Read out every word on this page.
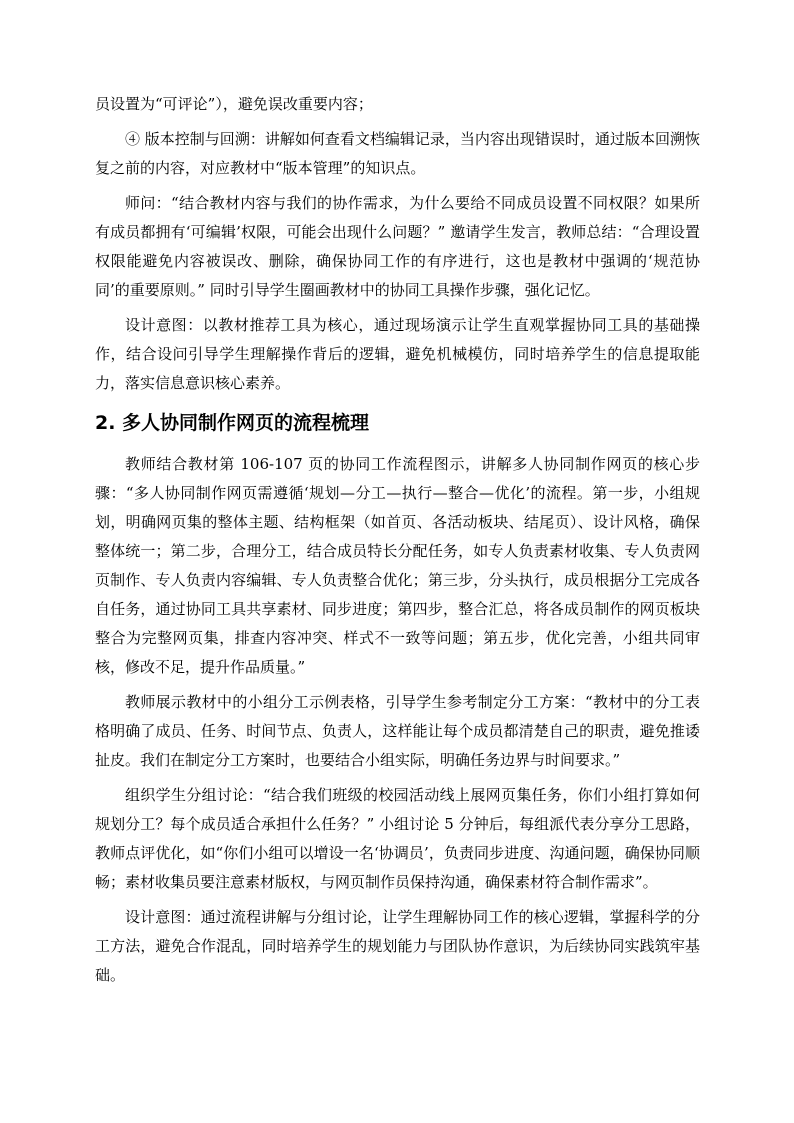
员设置为“可评论”），避免误改重要内容；

④ 版本控制与回溯：讲解如何查看文档编辑记录，当内容出现错误时，通过版本回溯恢复之前的内容，对应教材中“版本管理”的知识点。

师问：“结合教材内容与我们的协作需求，为什么要给不同成员设置不同权限？如果所有成员都拥有‘可编辑’权限，可能会出现什么问题？” 邀请学生发言，教师总结：“合理设置权限能避免内容被误改、删除，确保协同工作的有序进行，这也是教材中强调的‘规范协同’的重要原则。” 同时引导学生圈画教材中的协同工具操作步骤，强化记忆。

设计意图：以教材推荐工具为核心，通过现场演示让学生直观掌握协同工具的基础操作，结合设问引导学生理解操作背后的逻辑，避免机械模仿，同时培养学生的信息提取能力，落实信息意识核心素养。

2. 多人协同制作网页的流程梳理

教师结合教材第 106-107 页的协同工作流程图示，讲解多人协同制作网页的核心步骤：“多人协同制作网页需遵循‘规划—分工—执行—整合—优化’的流程。第一步，小组规划，明确网页集的整体主题、结构框架（如首页、各活动板块、结尾页）、设计风格，确保整体统一；第二步，合理分工，结合成员特长分配任务，如专人负责素材收集、专人负责网页制作、专人负责内容编辑、专人负责整合优化；第三步，分头执行，成员根据分工完成各自任务，通过协同工具共享素材、同步进度；第四步，整合汇总，将各成员制作的网页板块整合为完整网页集，排查内容冲突、样式不一致等问题；第五步，优化完善，小组共同审核，修改不足，提升作品质量。”

教师展示教材中的小组分工示例表格，引导学生参考制定分工方案：“教材中的分工表格明确了成员、任务、时间节点、负责人，这样能让每个成员都清楚自己的职责，避免推诿扯皮。我们在制定分工方案时，也要结合小组实际，明确任务边界与时间要求。”

组织学生分组讨论：“结合我们班级的校园活动线上展网页集任务，你们小组打算如何规划分工？每个成员适合承担什么任务？” 小组讨论 5 分钟后，每组派代表分享分工思路，教师点评优化，如“你们小组可以增设一名‘协调员’，负责同步进度、沟通问题，确保协同顺畅；素材收集员要注意素材版权，与网页制作员保持沟通，确保素材符合制作需求”。

设计意图：通过流程讲解与分组讨论，让学生理解协同工作的核心逻辑，掌握科学的分工方法，避免合作混乱，同时培养学生的规划能力与团队协作意识，为后续协同实践筑牢基础。
